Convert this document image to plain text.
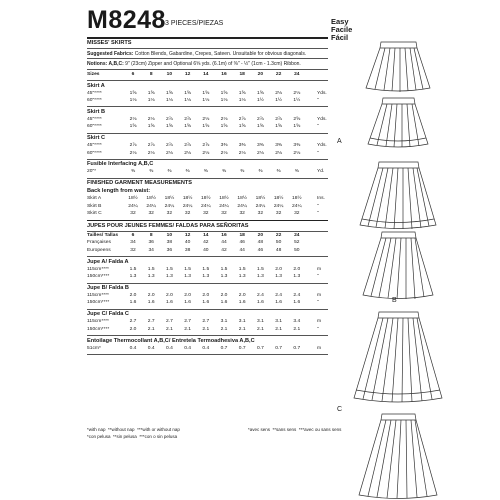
M8248 3 PIECES/PIEZAS	Easy
Facile
Fácil
MISSES' SKIRTS
Suggested Fabrics: Cotton Blends, Gabardine, Crepes, Sateen. Unsuitable for obvious diagonals.
Notions: A,B,C: 9" (23cm) Zipper and Optional 6⅝ yds. (6.1m) of ⅜" - ½" (1cm - 1.3cm) Ribbon.
Sizes	6	8	10	12	14	16	18	20	22	24
Skirt A
45"****	1⅝	1⅝	1⅝	1⅝	1⅝	1⅝	1⅝	1⅝	2⅛	2⅛	Yds.
60"****	1⅛	1⅛	1⅛	1⅛	1⅛	1⅛	1⅛	1½	1½	1½	"
Skirt B
45"****	2⅛	2⅛	2⅞	2⅞	2⅛	2⅛	2⅞	2⅞	2⅞	2⅝	Yds.
60"****	1⅝	1⅝	1⅝	1⅝	1⅝	1⅝	1⅝	1⅝	1⅝	1⅝	"
Skirt C
45"****	2⅞	2⅞	2⅞	2⅞	2⅞	3⅜	3⅜	3⅜	3⅜	3⅜	Yds.
60"****	2⅛	2⅛	2⅛	2⅛	2⅛	2⅛	2⅛	2⅛	2⅛	2⅛	"
Fusible Interfacing A,B,C
20"*	⅜	⅜	⅜	⅜	⅜	⅜	⅜	⅜	⅜	⅜	Yd.
FINISHED GARMENT MEASUREMENTS
Back length from waist:
Skirt A	18½	18½	18½	18½	18½	18½	18½	18½	18½	18½	Ins.
Skirt B	24¼	24¼	24¼	24¼	24¼	24¼	24¼	24¼	24¼	24¼	"
Skirt C	32	32	32	32	32	32	32	32	32	32	"
JUPES POUR JEUNES FEMMES/ FALDAS PARA SEÑORITAS
Tailles/ Tallas	6	8	10	12	14	16	18	20	22	24
Françaises	34	36	38	40	42	44	46	48	50	52
Europeens	32	34	36	38	40	42	44	46	48	50
Jupe A/ Falda A
115cm****	1.5	1.5	1.5	1.5	1.5	1.5	1.5	1.5	2.0	2.0	m
150cm****	1.3	1.3	1.3	1.3	1.3	1.3	1.3	1.3	1.3	1.3	"
Jupe B/ Falda B
115cm****	2.0	2.0	2.0	2.0	2.0	2.0	2.0	2.4	2.4	2.4	m
150cm****	1.6	1.6	1.6	1.6	1.6	1.6	1.6	1.6	1.6	1.6	"
Jupe C/ Falda C
115cm****	2.7	2.7	2.7	2.7	2.7	3.1	3.1	3.1	3.1	3.4	m
150cm****	2.0	2.1	2.1	2.1	2.1	2.1	2.1	2.1	2.1	2.1	"
Entoilage Thermocollant A,B,C/ Entretela Termoadhesiva A,B,C
51cm*	0.4	0.4	0.4	0.4	0.4	0.7	0.7	0.7	0.7	0.7	m
*with nap **without nap ***with or without nap	*avec sens **sans sens ***avec ou sans sens
*con pelusa **sin pelusa ***con o sin pelusa
A
B
C
